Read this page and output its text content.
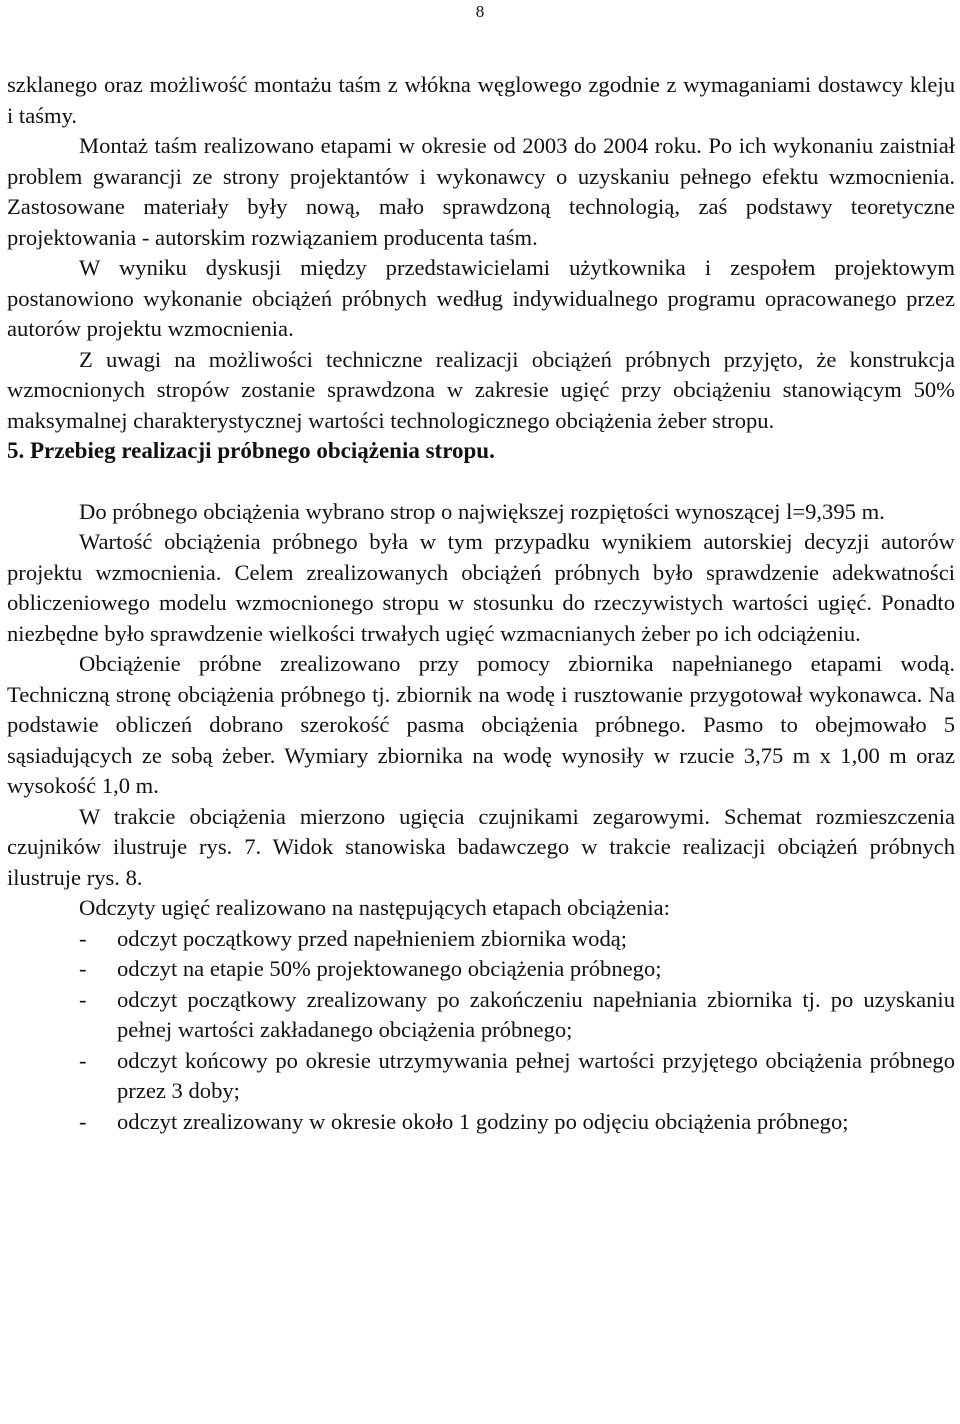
8

szklanego oraz możliwość montażu taśm z włókna węglowego zgodnie z wymaganiami dostawcy kleju i taśmy.

Montaż taśm realizowano etapami w okresie od 2003 do 2004 roku. Po ich wykonaniu zaistniał problem gwarancji ze strony projektantów i wykonawcy o uzyskaniu pełnego efektu wzmocnienia. Zastosowane materiały były nową, mało sprawdzoną technologią, zaś podstawy teoretyczne projektowania - autorskim rozwiązaniem producenta taśm.

W wyniku dyskusji między przedstawicielami użytkownika i zespołem projektowym postanowiono wykonanie obciążeń próbnych według indywidualnego programu opracowanego przez autorów projektu wzmocnienia.

Z uwagi na możliwości techniczne realizacji obciążeń próbnych przyjęto, że konstrukcja wzmocnionych stropów zostanie sprawdzona w zakresie ugięć przy obciążeniu stanowiącym 50% maksymalnej charakterystycznej wartości technologicznego obciążenia żeber stropu.

5. Przebieg realizacji próbnego obciążenia stropu.

Do próbnego obciążenia wybrano strop o największej rozpiętości wynoszącej l=9,395 m.

Wartość obciążenia próbnego była w tym przypadku wynikiem autorskiej decyzji autorów projektu wzmocnienia. Celem zrealizowanych obciążeń próbnych było sprawdzenie adekwatności obliczeniowego modelu wzmocnionego stropu w stosunku do rzeczywistych wartości ugięć. Ponadto niezbędne było sprawdzenie wielkości trwałych ugięć wzmacnianych żeber po ich odciążeniu.

Obciążenie próbne zrealizowano przy pomocy zbiornika napełnianego etapami wodą. Techniczną stronę obciążenia próbnego tj. zbiornik na wodę i rusztowanie przygotował wykonawca. Na podstawie obliczeń dobrano szerokość pasma obciążenia próbnego. Pasmo to obejmowało 5 sąsiadujących ze sobą żeber. Wymiary zbiornika na wodę wynosiły w rzucie 3,75 m x 1,00 m oraz wysokość 1,0 m.

W trakcie obciążenia mierzono ugięcia czujnikami zegarowymi. Schemat rozmieszczenia czujników ilustruje rys. 7. Widok stanowiska badawczego w trakcie realizacji obciążeń próbnych ilustruje rys. 8.

Odczyty ugięć realizowano na następujących etapach obciążenia:

- odczyt początkowy przed napełnieniem zbiornika wodą;
- odczyt na etapie 50% projektowanego obciążenia próbnego;
- odczyt początkowy zrealizowany po zakończeniu napełniania zbiornika tj. po uzyskaniu pełnej wartości zakładanego obciążenia próbnego;
- odczyt końcowy po okresie utrzymywania pełnej wartości przyjętego obciążenia próbnego przez 3 doby;
- odczyt zrealizowany w okresie około 1 godziny po odjęciu obciążenia próbnego;
